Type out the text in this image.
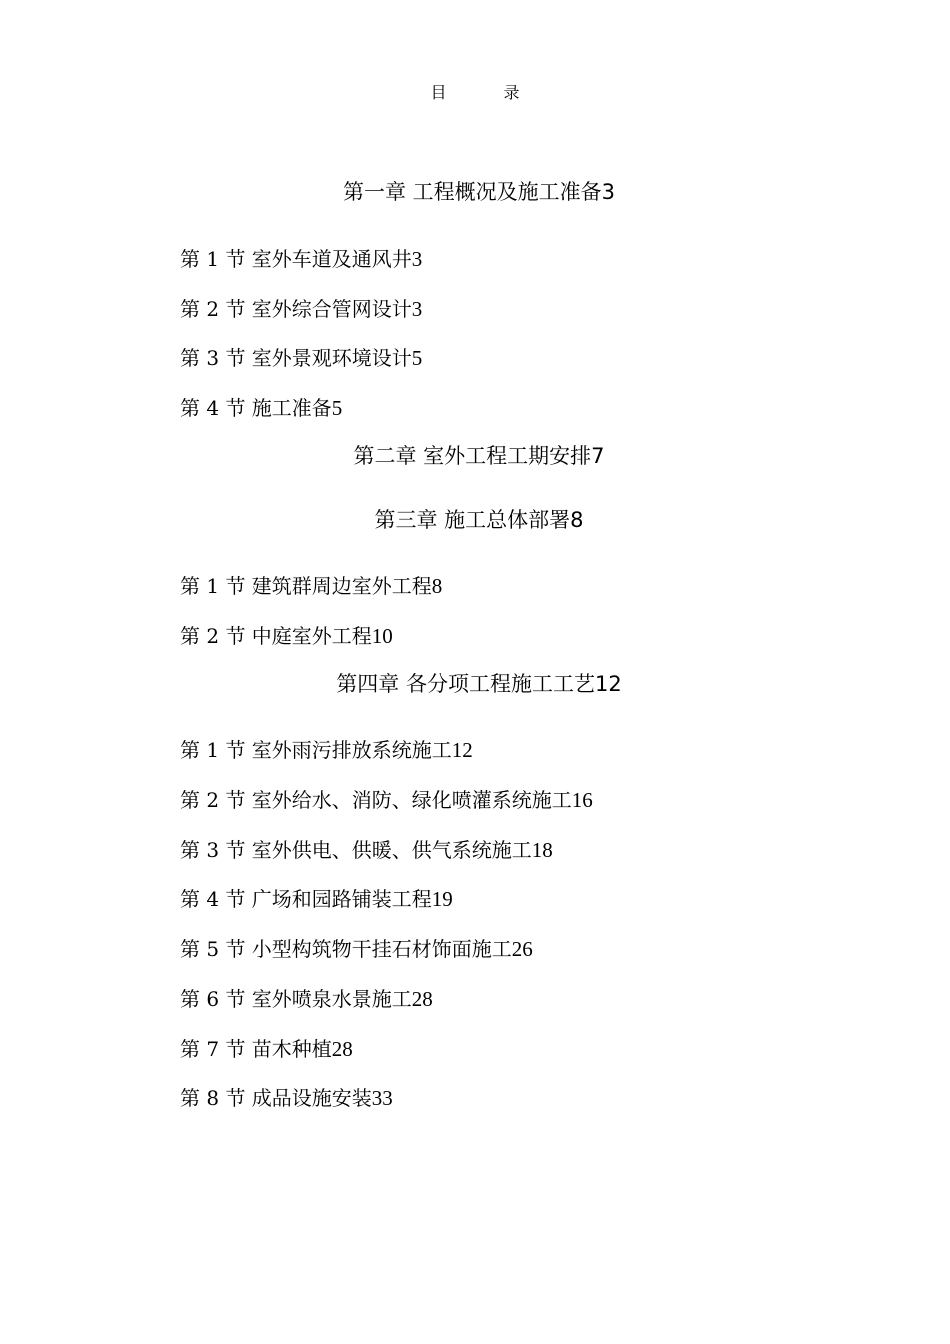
目 录
第一章 工程概况及施工准备3
第 1 节 室外车道及通风井3
第 2 节 室外综合管网设计3
第 3 节 室外景观环境设计5
第 4 节 施工准备5
第二章 室外工程工期安排7
第三章 施工总体部署8
第 1 节 建筑群周边室外工程8
第 2 节 中庭室外工程10
第四章 各分项工程施工工艺12
第 1 节 室外雨污排放系统施工12
第 2 节 室外给水、消防、绿化喷灌系统施工16
第 3 节 室外供电、供暖、供气系统施工18
第 4 节 广场和园路铺装工程19
第 5 节 小型构筑物干挂石材饰面施工26
第 6 节 室外喷泉水景施工28
第 7 节 苗木种植28
第 8 节 成品设施安装33
